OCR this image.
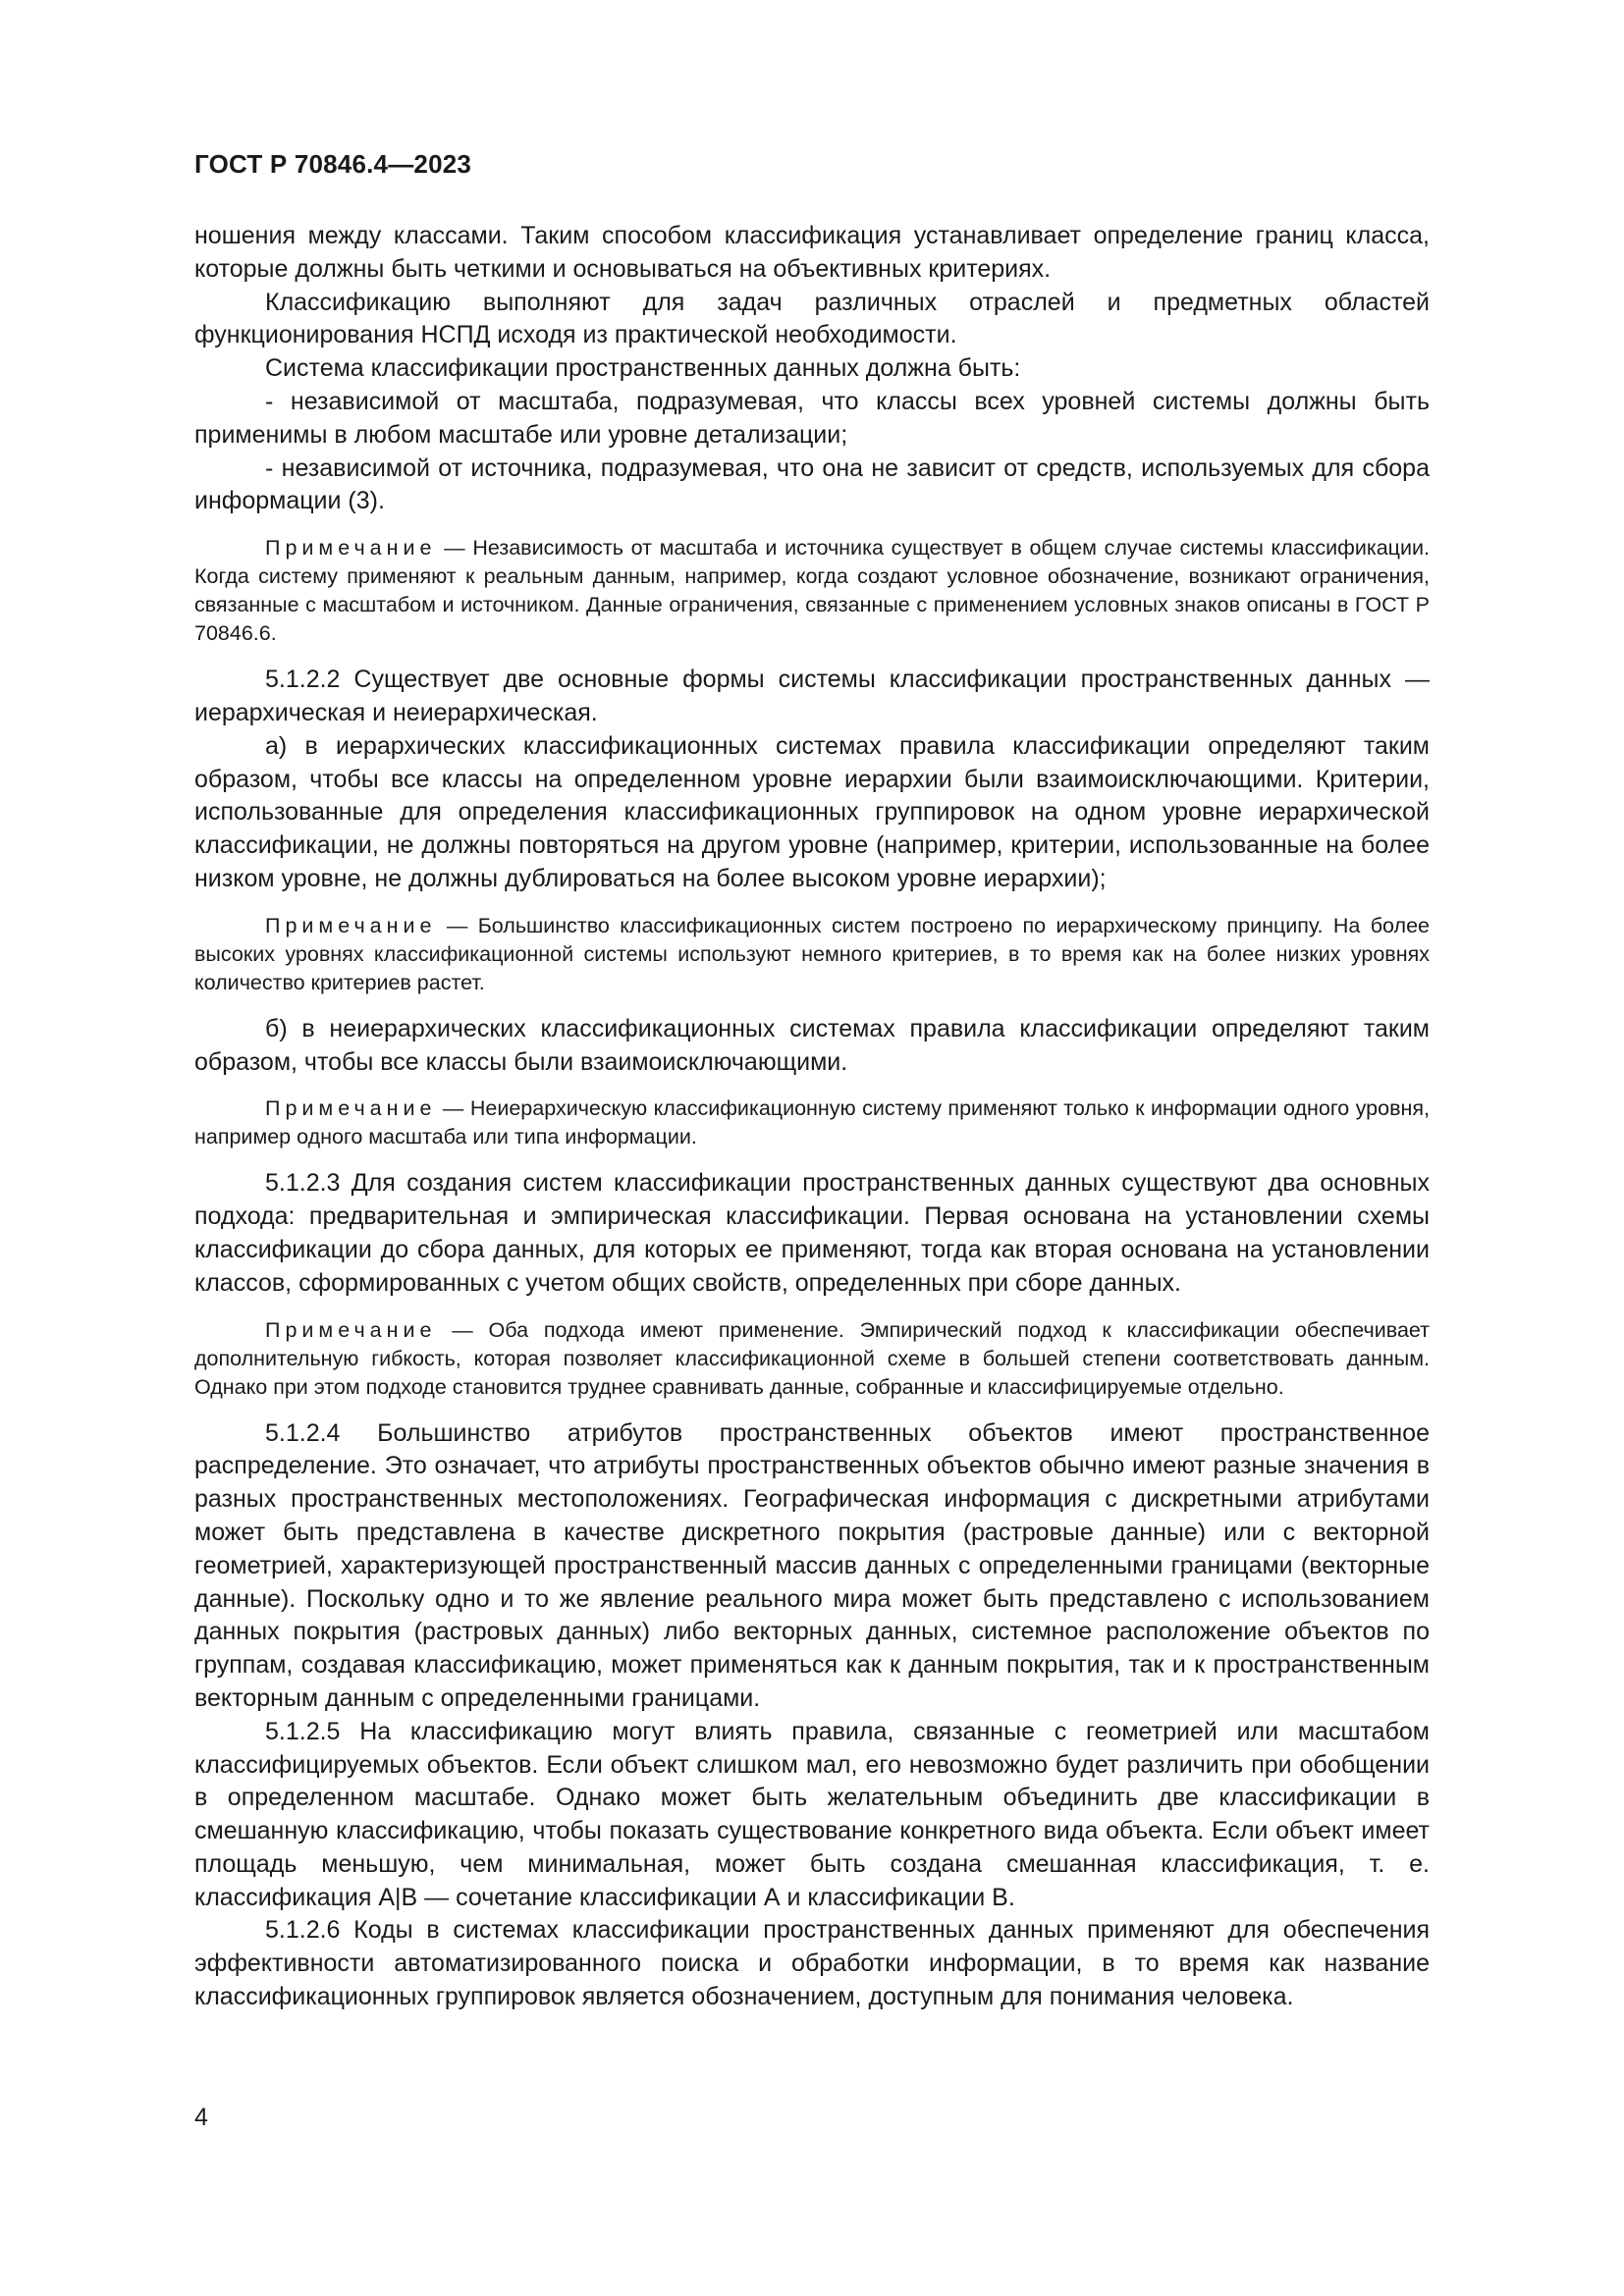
ГОСТ Р 70846.4—2023

ношения между классами. Таким способом классификация устанавливает определение границ класса, которые должны быть четкими и основываться на объективных критериях.

Классификацию выполняют для задач различных отраслей и предметных областей функционирования НСПД исходя из практической необходимости.

Система классификации пространственных данных должна быть:

- независимой от масштаба, подразумевая, что классы всех уровней системы должны быть применимы в любом масштабе или уровне детализации;

- независимой от источника, подразумевая, что она не зависит от средств, используемых для сбора информации (3).

Примечание — Независимость от масштаба и источника существует в общем случае системы классификации. Когда систему применяют к реальным данным, например, когда создают условное обозначение, возникают ограничения, связанные с масштабом и источником. Данные ограничения, связанные с применением условных знаков описаны в ГОСТ Р 70846.6.

5.1.2.2 Существует две основные формы системы классификации пространственных данных — иерархическая и неиерархическая.

а) в иерархических классификационных системах правила классификации определяют таким образом, чтобы все классы на определенном уровне иерархии были взаимоисключающими. Критерии, использованные для определения классификационных группировок на одном уровне иерархической классификации, не должны повторяться на другом уровне (например, критерии, использованные на более низком уровне, не должны дублироваться на более высоком уровне иерархии);

Примечание — Большинство классификационных систем построено по иерархическому принципу. На более высоких уровнях классификационной системы используют немного критериев, в то время как на более низких уровнях количество критериев растет.

б) в неиерархических классификационных системах правила классификации определяют таким образом, чтобы все классы были взаимоисключающими.

Примечание — Неиерархическую классификационную систему применяют только к информации одного уровня, например одного масштаба или типа информации.

5.1.2.3 Для создания систем классификации пространственных данных существуют два основных подхода: предварительная и эмпирическая классификации. Первая основана на установлении схемы классификации до сбора данных, для которых ее применяют, тогда как вторая основана на установлении классов, сформированных с учетом общих свойств, определенных при сборе данных.

Примечание — Оба подхода имеют применение. Эмпирический подход к классификации обеспечивает дополнительную гибкость, которая позволяет классификационной схеме в большей степени соответствовать данным. Однако при этом подходе становится труднее сравнивать данные, собранные и классифицируемые отдельно.

5.1.2.4 Большинство атрибутов пространственных объектов имеют пространственное распределение. Это означает, что атрибуты пространственных объектов обычно имеют разные значения в разных пространственных местоположениях. Географическая информация с дискретными атрибутами может быть представлена в качестве дискретного покрытия (растровые данные) или с векторной геометрией, характеризующей пространственный массив данных с определенными границами (векторные данные). Поскольку одно и то же явление реального мира может быть представлено с использованием данных покрытия (растровых данных) либо векторных данных, системное расположение объектов по группам, создавая классификацию, может применяться как к данным покрытия, так и к пространственным векторным данным с определенными границами.

5.1.2.5 На классификацию могут влиять правила, связанные с геометрией или масштабом классифицируемых объектов. Если объект слишком мал, его невозможно будет различить при обобщении в определенном масштабе. Однако может быть желательным объединить две классификации в смешанную классификацию, чтобы показать существование конкретного вида объекта. Если объект имеет площадь меньшую, чем минимальная, может быть создана смешанная классификация, т. е. классификация A|B — сочетание классификации А и классификации В.

5.1.2.6 Коды в системах классификации пространственных данных применяют для обеспечения эффективности автоматизированного поиска и обработки информации, в то время как название классификационных группировок является обозначением, доступным для понимания человека.

4
